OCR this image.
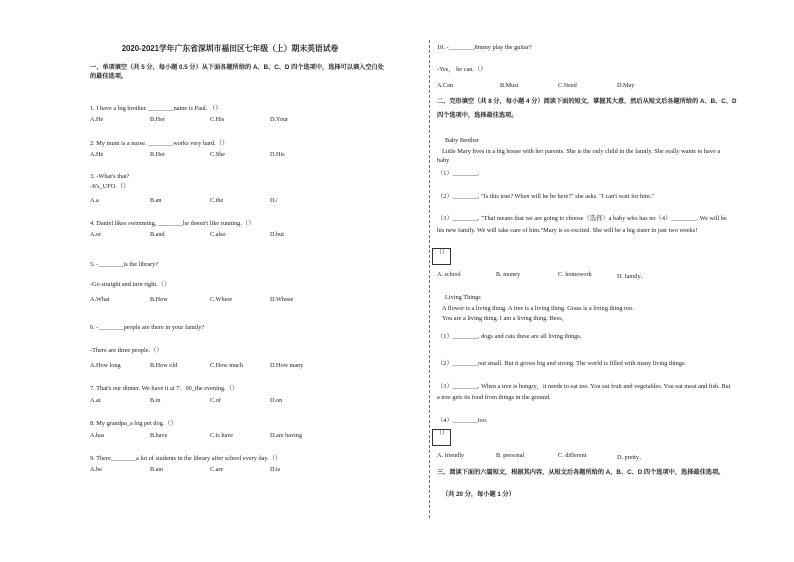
2020-2021学年广东省深圳市福田区七年级（上）期末英语试卷
一、单项填空（共 5 分，每小题 0.5 分）从下面各题所给的 A、B、C、D 四个选项中，选择可以填入空白处
的最佳选项。
1. I have a big brother. ________name is Paul. （）
A.He	B.Her	C.His	D.Your
2. My mum is a nurse. ________works very hard.（）
A.He	B.Her	C.She	D.His
3. -What's that?
-It's_UFO.（）
A.a	B.an	C.the	D./
4. Daniel likes swimming, ________he doesn't like running.（）
A.or	B.and	C.also	D.but
5. -________is the library?
-Go straight and turn right.（）
A.What	B.How	C.Where	D.Whose
6. -________people are there in your family?
-There are three people.（）
A.How long	B.How old	C.How much	D.How many
7. That's our dinner. We have it at 7：00_the evening.（）
A.at	B.in	C.of	D.on
8. My grandpa_a big pet dog.（）
A.has	B.have	C.is have	D.are having
9. There________a lot of students in the library after school every day.（）
A.be	B.am	C.are	D.is
10. -________Jimmy play the guitar?
-Yes， he can.（）
A.Can	B.Must	C.Need	D.May
二、完形填空（共 8 分，每小题 4 分）阅读下面的短文，掌握其大意，然后从短文后各题所给的 A、B、C、D
四个选项中，选择最佳选项。
Baby Brother
Little Mary lives in a big house with her parents. She is the only child in the family. She really wants to have a
baby
（1）________.
（2）________. "Is this true? When will he be here?" she asks. "I can't wait for him."
（3）________. "That means that we are going to choose（选择）a baby who has no（4）________. We will be
his new family. We will take care of him."Mary is so excited. She will be a big sister in just two weeks!
（）
A. school	B. money	C. homework	D. family、
Living Things
A flower is a living thing. A tree is a living thing. Grass is a living thing too.
You are a living thing. I am a living thing. Bees,
（1）________. dogs and cats these are all living things.
（2）________out small. But it grows big and strong. The world is filled with many living things.
（3）________. When a tree is hungry，it needs to eat too. You eat fruit and vegetables. You eat meat and fish. But
a tree gets its food from things in the ground.
（4）________too.
（）
A. friendly	B. personal	C. different	D. pretty、
三、阅读下面的六篇短文，根据其内容，从短文后各题所给的 A、B、C、D 四个选项中，选择最佳选项。
（共 20 分，每小题 1 分）
